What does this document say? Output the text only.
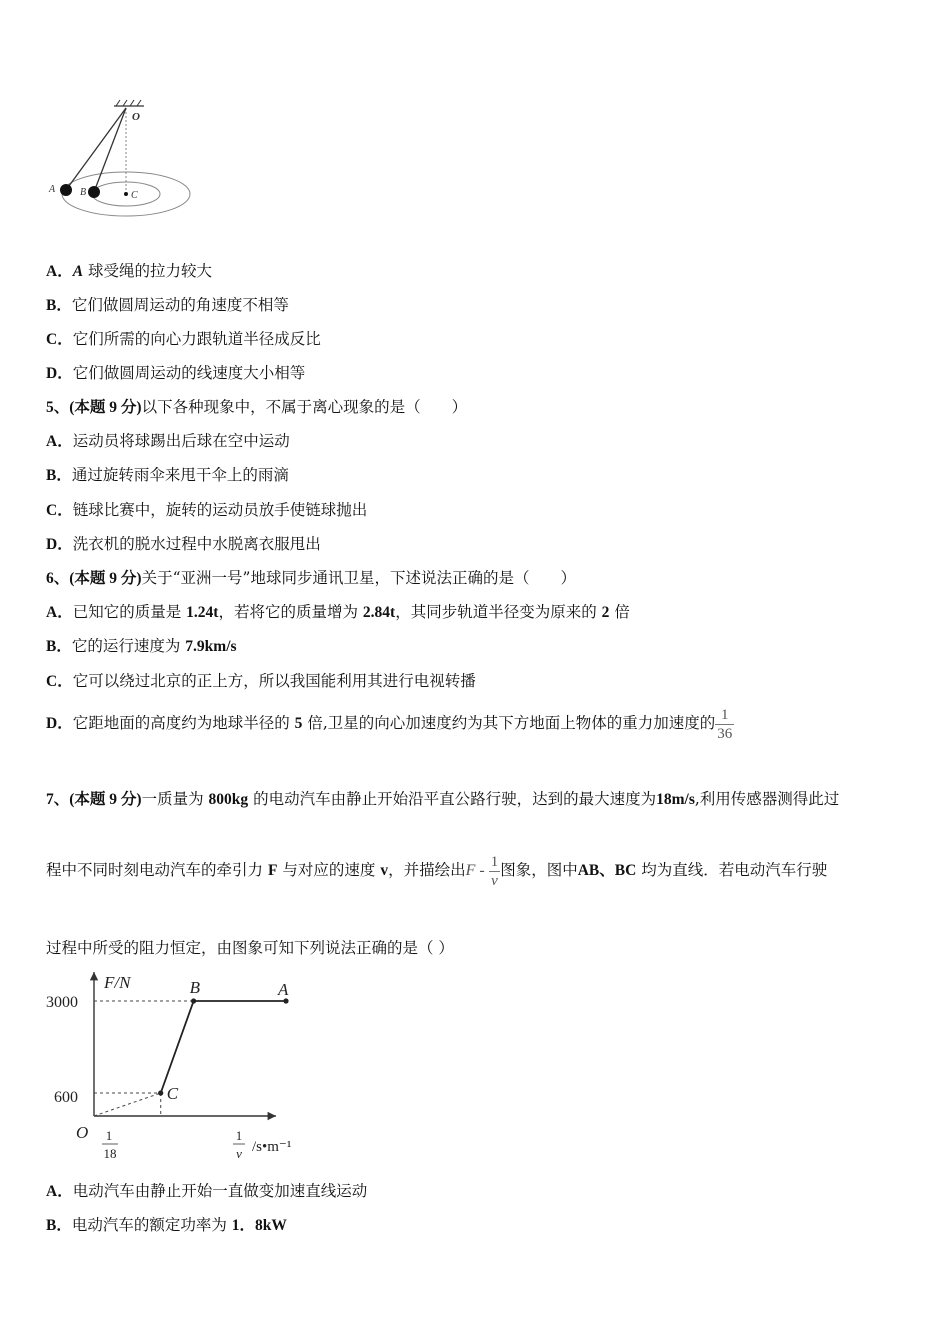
O
A B	C
A．A 球受绳的拉力较大
B．它们做圆周运动的角速度不相等
C．它们所需的向心力跟轨道半径成反比
D．它们做圆周运动的线速度大小相等
5、(本题 9 分)以下各种现象中，不属于离心现象的是（　　）
A．运动员将球踢出后球在空中运动
B．通过旋转雨伞来甩干伞上的雨滴
C．链球比赛中，旋转的运动员放手使链球抛出
D．洗衣机的脱水过程中水脱离衣服甩出
6、(本题 9 分)关于“亚洲一号”地球同步通讯卫星，下述说法正确的是（　　）
A．已知它的质量是 1.24t，若将它的质量增为 2.84t，其同步轨道半径变为原来的 2 倍
B．它的运行速度为 7.9km/s
C．它可以绕过北京的正上方，所以我国能利用其进行电视转播
D．它距地面的高度约为地球半径的 5 倍,卫星的向心加速度约为其下方地面上物体的重力加速度的 $\frac{1}{36}$
7、(本题 9 分)一质量为 800kg 的电动汽车由静止开始沿平直公路行驶，达到的最大速度为18m/s,利用传感器测得此过
程中不同时刻电动汽车的牵引力 F 与对应的速度 v，并描绘出F - $\frac{1}{v}$ 图象，图中AB、BC 均为直线．若电动汽车行驶
过程中所受的阻力恒定，由图象可知下列说法正确的是（ ）
F/N
O
3000
600
1
18
1
v /s•m⁻¹
A
B
C
A．电动汽车由静止开始一直做变加速直线运动
B．电动汽车的额定功率为 1．8kW
